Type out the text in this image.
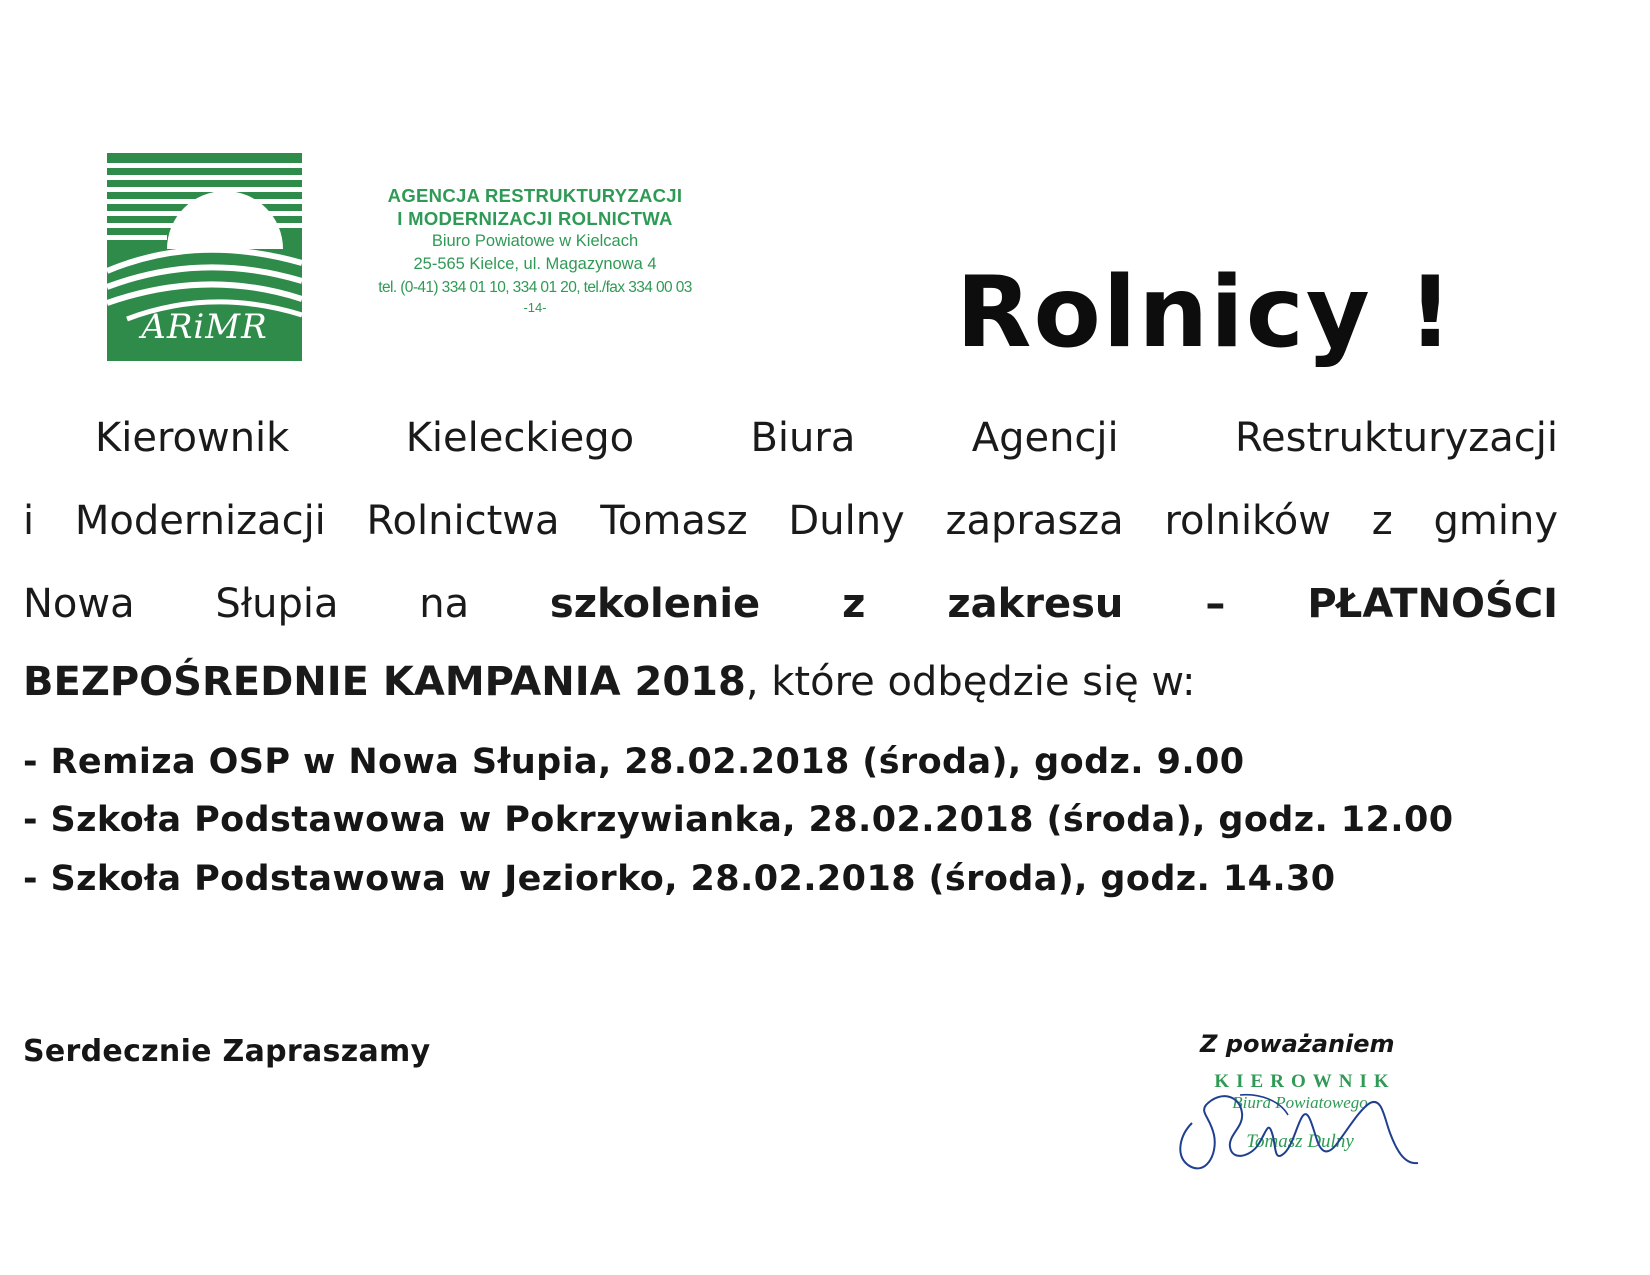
ARiMR
AGENCJA RESTRUKTURYZACJI
I MODERNIZACJI ROLNICTWA
Biuro Powiatowe w Kielcach
25-565 Kielce, ul. Magazynowa 4
tel. (0-41) 334 01 10, 334 01 20, tel./fax 334 00 03
-14-	Rolnicy !

Kierownik Kieleckiego Biura Agencji Restrukturyzacji

i Modernizacji Rolnictwa Tomasz Dulny zaprasza rolników z gminy

Nowa Słupia na szkolenie z zakresu – PŁATNOŚCI

BEZPOŚREDNIE KAMPANIA 2018, które odbędzie się w:

- Remiza OSP w Nowa Słupia, 28.02.2018 (środa), godz. 9.00
- Szkoła Podstawowa w Pokrzywianka, 28.02.2018 (środa), godz. 12.00
- Szkoła Podstawowa w Jeziorko, 28.02.2018 (środa), godz. 14.30
Serdecznie Zapraszamy	Z poważaniem
KIEROWNIK
Biura Powiatowego
Tomasz Dulny
